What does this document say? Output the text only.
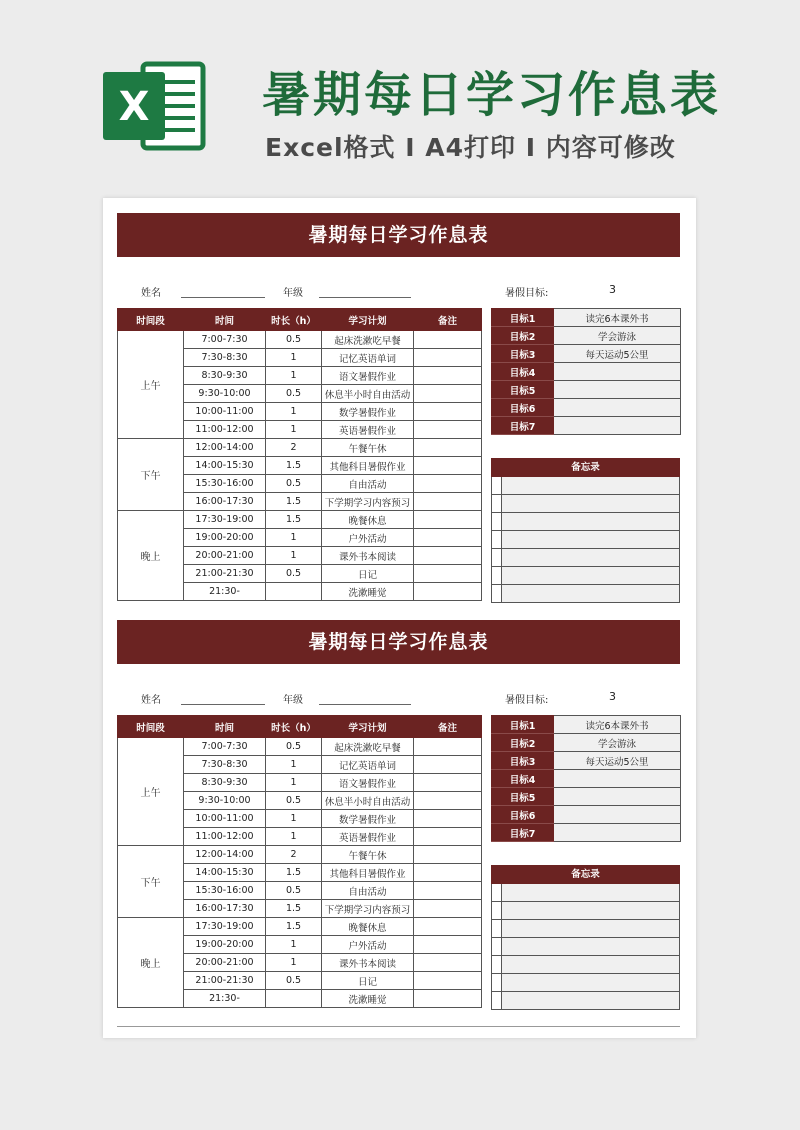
X 暑期每日学习作息表
Excel格式 I A4打印 I 内容可修改
暑期每日学习作息表
姓名	年级	暑假目标:	3
时间段	时间	时长（h）	学习计划	备注
上午	7:00-7:30	0.5	起床洗漱吃早餐	
	7:30-8:30	1	记忆英语单词	
	8:30-9:30	1	语文暑假作业	
	9:30-10:00	0.5	休息半小时自由活动	
	10:00-11:00	1	数学暑假作业	
	11:00-12:00	1	英语暑假作业	
下午	12:00-14:00	2	午餐午休	
	14:00-15:30	1.5	其他科目暑假作业	
	15:30-16:00	0.5	自由活动	
	16:00-17:30	1.5	下学期学习内容预习	
晚上	17:30-19:00	1.5	晚餐休息	
	19:00-20:00	1	户外活动	
	20:00-21:00	1	课外书本阅读	
	21:00-21:30	0.5	日记	
	21:30-		洗漱睡觉	
目标1	读完6本课外书
目标2	学会游泳
目标3	每天运动5公里
目标4	
目标5	
目标6	
目标7	
备忘录
暑期每日学习作息表
姓名	年级	暑假目标:	3
时间段	时间	时长（h）	学习计划	备注
上午	7:00-7:30	0.5	起床洗漱吃早餐	
	7:30-8:30	1	记忆英语单词	
	8:30-9:30	1	语文暑假作业	
	9:30-10:00	0.5	休息半小时自由活动	
	10:00-11:00	1	数学暑假作业	
	11:00-12:00	1	英语暑假作业	
下午	12:00-14:00	2	午餐午休	
	14:00-15:30	1.5	其他科目暑假作业	
	15:30-16:00	0.5	自由活动	
	16:00-17:30	1.5	下学期学习内容预习	
晚上	17:30-19:00	1.5	晚餐休息	
	19:00-20:00	1	户外活动	
	20:00-21:00	1	课外书本阅读	
	21:00-21:30	0.5	日记	
	21:30-		洗漱睡觉	
目标1	读完6本课外书
目标2	学会游泳
目标3	每天运动5公里
目标4	
目标5	
目标6	
目标7	
备忘录
